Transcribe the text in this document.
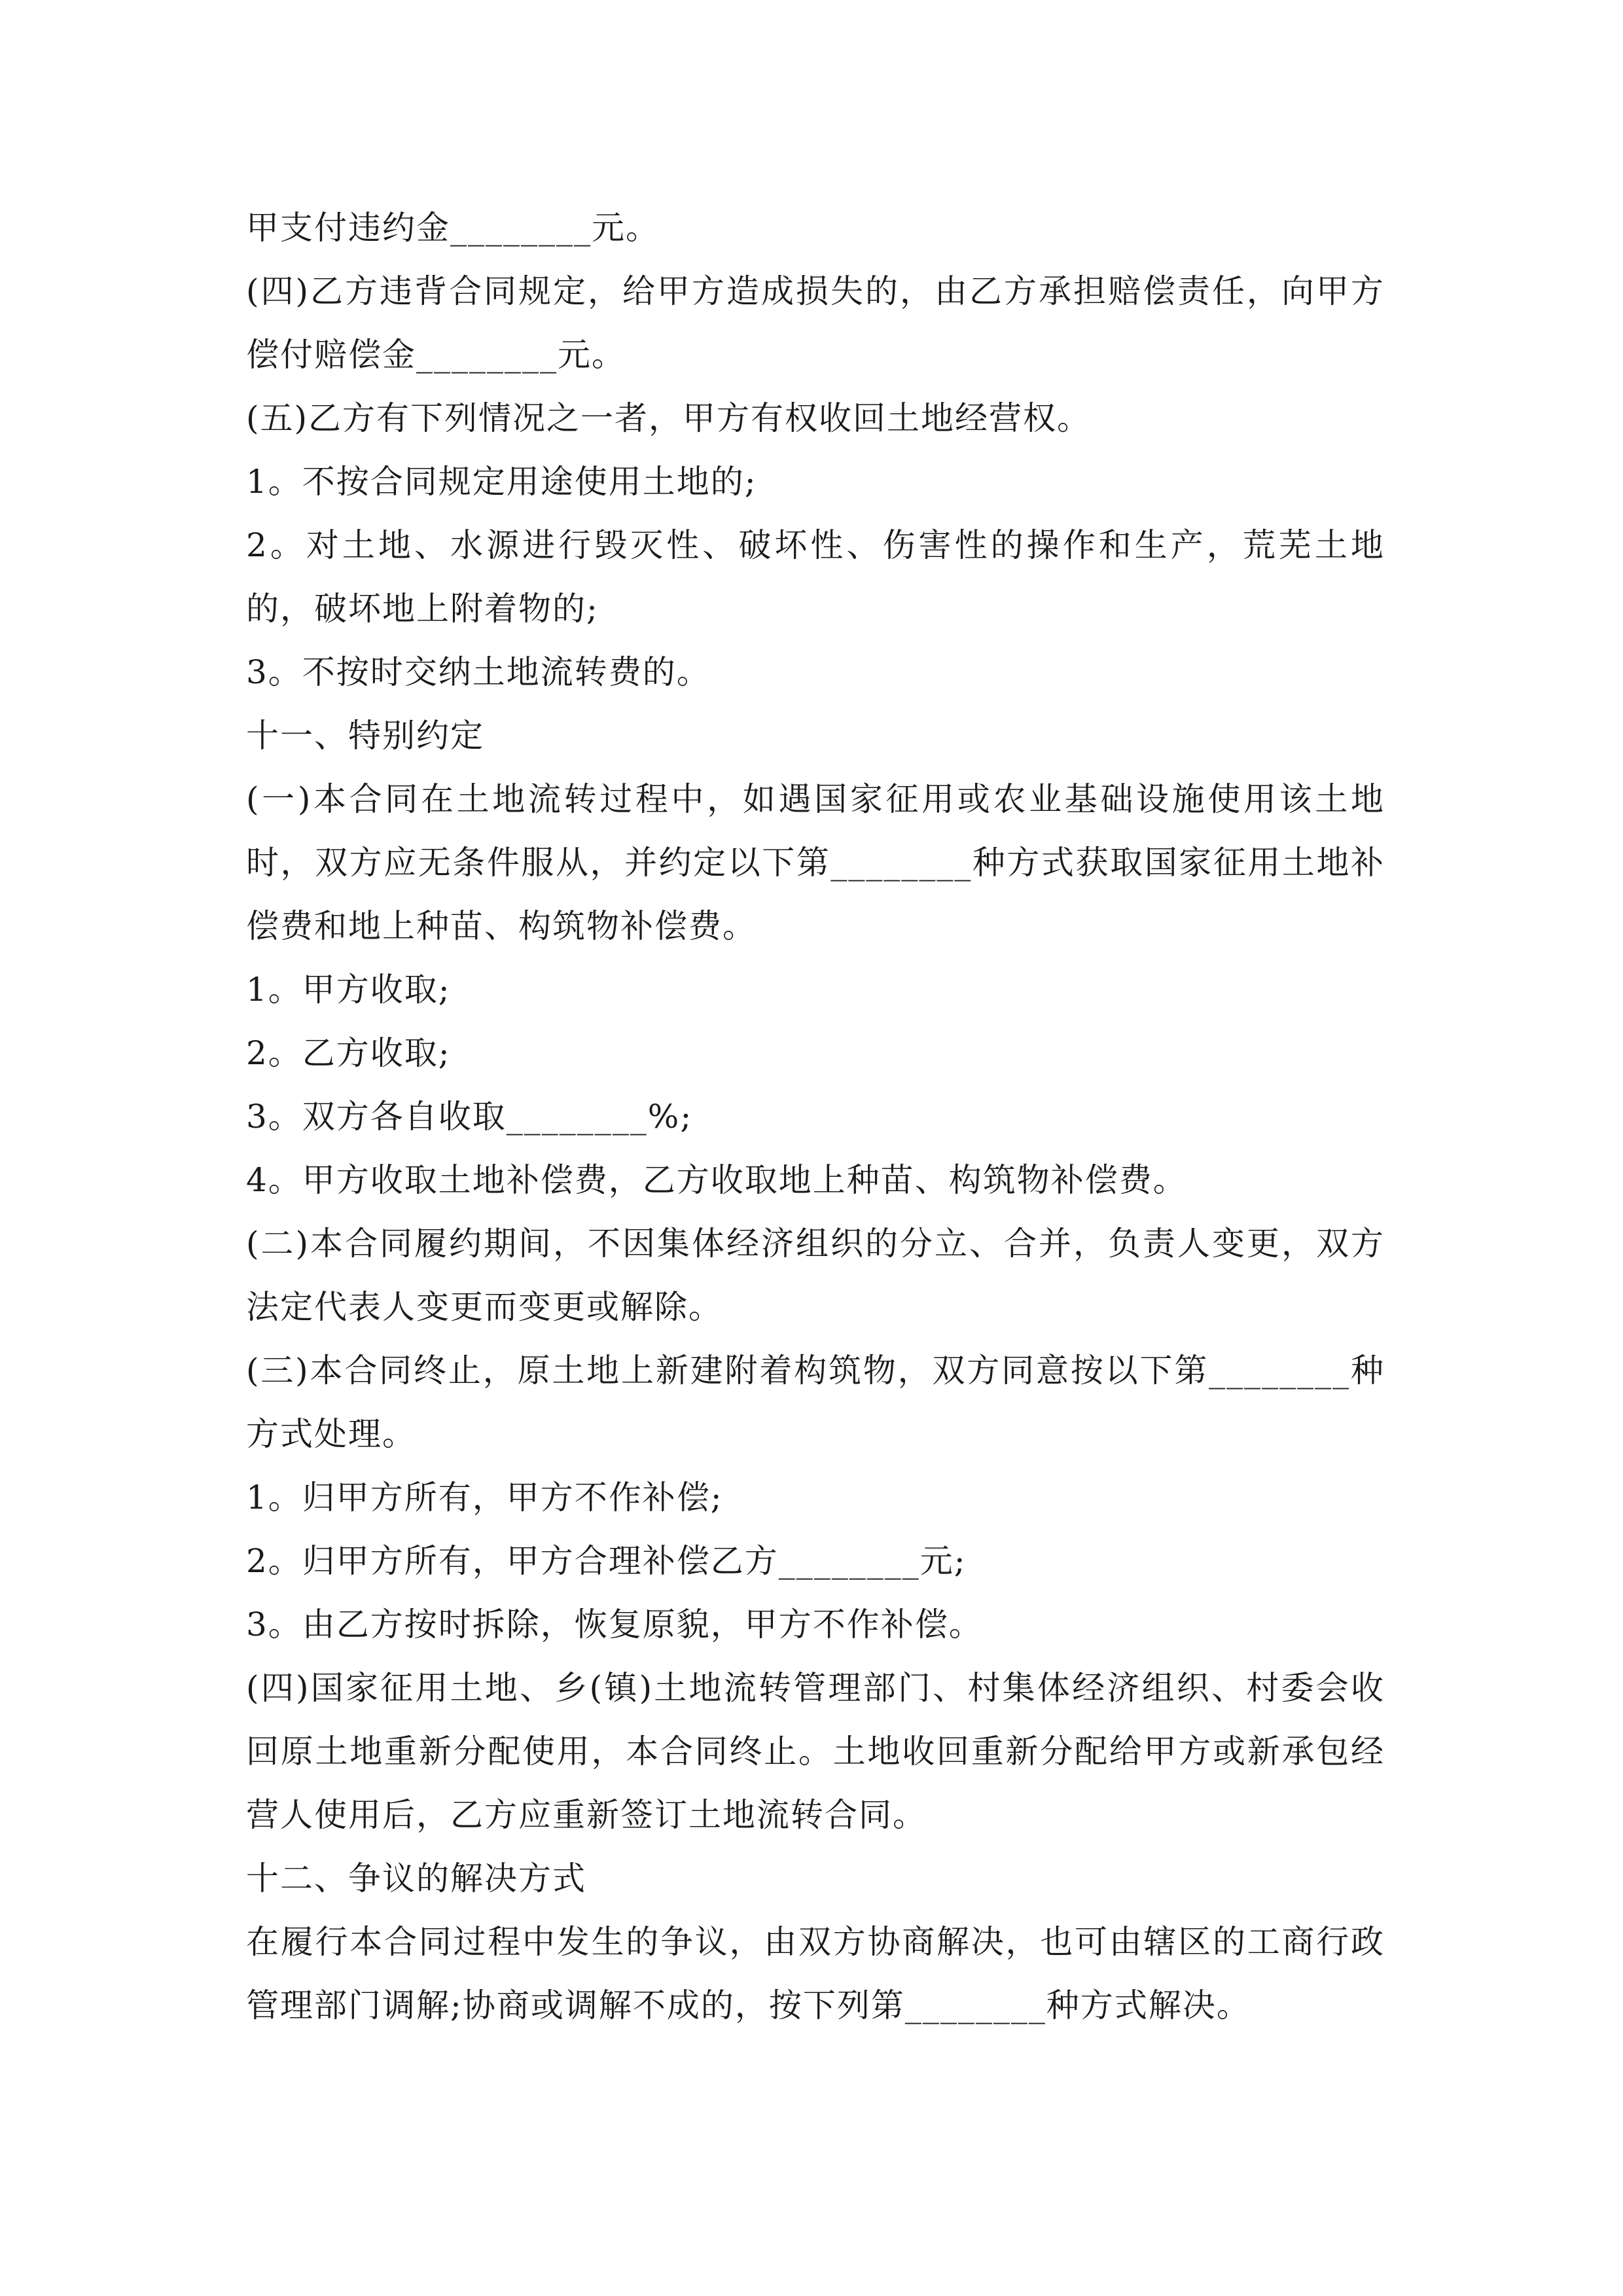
甲支付违约金________元。

(四)乙方违背合同规定，给甲方造成损失的，由乙方承担赔偿责任，向甲方偿付赔偿金________元。

(五)乙方有下列情况之一者，甲方有权收回土地经营权。

1。不按合同规定用途使用土地的;

2。对土地、水源进行毁灭性、破坏性、伤害性的操作和生产，荒芜土地的，破坏地上附着物的;

3。不按时交纳土地流转费的。

十一、特别约定

(一)本合同在土地流转过程中，如遇国家征用或农业基础设施使用该土地时，双方应无条件服从，并约定以下第________种方式获取国家征用土地补偿费和地上种苗、构筑物补偿费。

1。甲方收取;

2。乙方收取;

3。双方各自收取________%;

4。甲方收取土地补偿费，乙方收取地上种苗、构筑物补偿费。

(二)本合同履约期间，不因集体经济组织的分立、合并，负责人变更，双方法定代表人变更而变更或解除。

(三)本合同终止，原土地上新建附着构筑物，双方同意按以下第________种方式处理。

1。归甲方所有，甲方不作补偿;

2。归甲方所有，甲方合理补偿乙方________元;

3。由乙方按时拆除，恢复原貌，甲方不作补偿。

(四)国家征用土地、乡(镇)土地流转管理部门、村集体经济组织、村委会收回原土地重新分配使用，本合同终止。土地收回重新分配给甲方或新承包经营人使用后，乙方应重新签订土地流转合同。

十二、争议的解决方式

在履行本合同过程中发生的争议，由双方协商解决，也可由辖区的工商行政管理部门调解;协商或调解不成的，按下列第________种方式解决。
